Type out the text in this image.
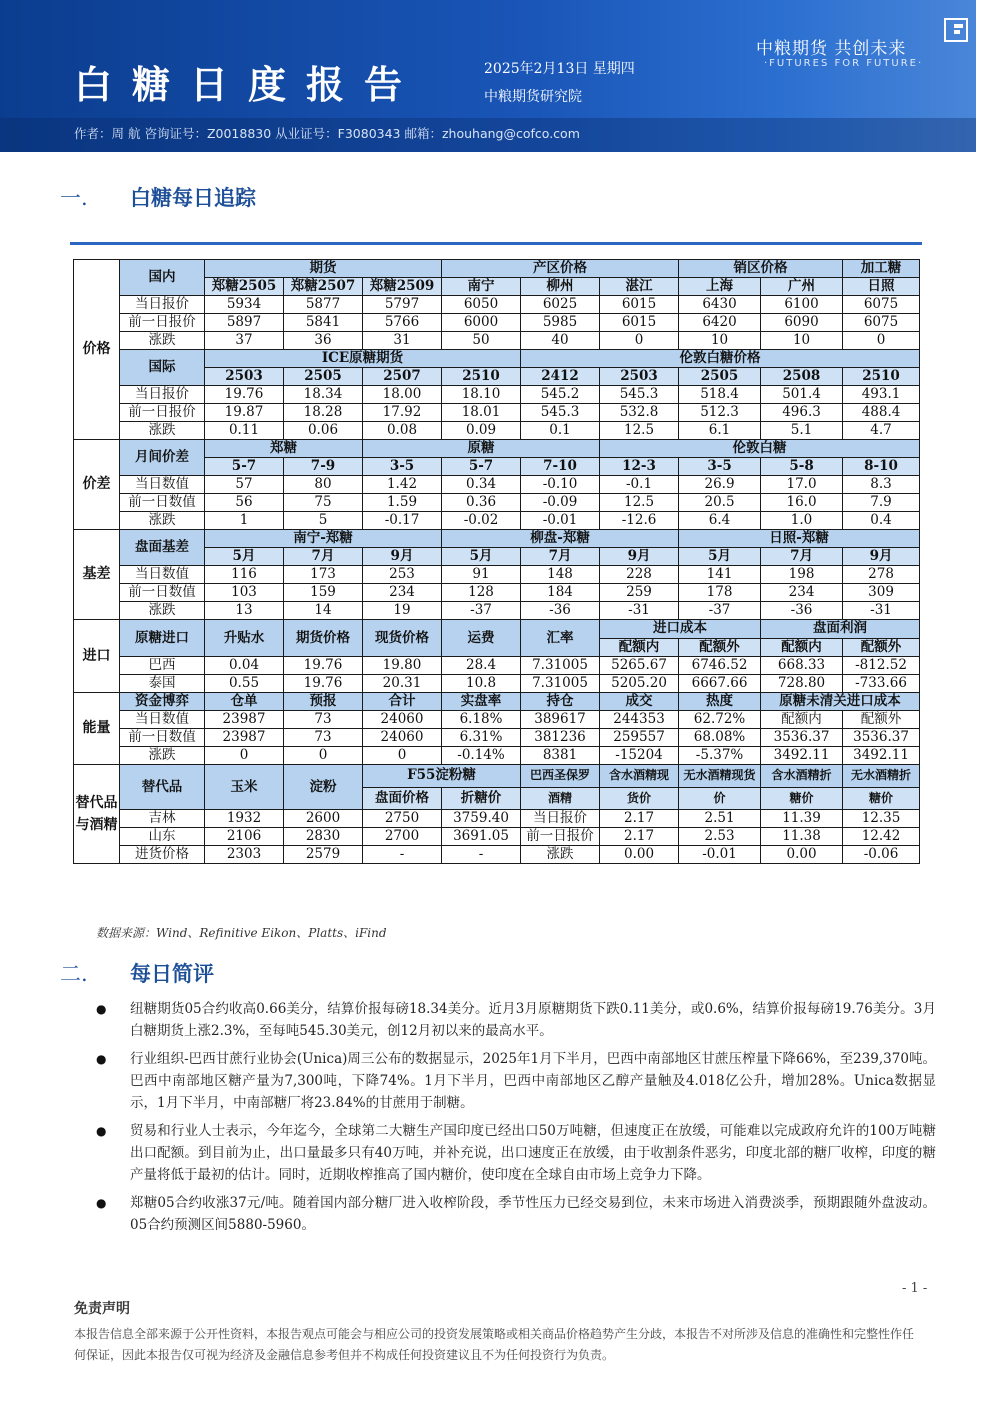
白糖日度报告	2025年2月13日 星期四
中粮期货研究院
中粮期货 共创未来
·FUTURES FOR FUTURE·
作者：周 航 咨询证号：Z0018830 从业证号：F3080343 邮箱：zhouhang@cofco.com
一. 白糖每日追踪
价格	国内	期货			产区价格			销区价格		加工糖
		郑糖2505	郑糖2507	郑糖2509	南宁	柳州	湛江	上海	广州	日照
	当日报价	5934	5877	5797	6050	6025	6015	6430	6100	6075
	前一日报价	5897	5841	5766	6000	5985	6015	6420	6090	6075
	涨跌	37	36	31	50	40	0	10	10	0
	国际	ICE原糖期货				伦敦白糖价格				
		2503	2505	2507	2510	2412	2503	2505	2508	2510
	当日报价	19.76	18.34	18.00	18.10	545.2	545.3	518.4	501.4	493.1
	前一日报价	19.87	18.28	17.92	18.01	545.3	532.8	512.3	496.3	488.4
	涨跌	0.11	0.06	0.08	0.09	0.1	12.5	6.1	5.1	4.7
价差	月间价差	郑糖		原糖			伦敦白糖			
		5-7	7-9	3-5	5-7	7-10	12-3	3-5	5-8	8-10
	当日数值	57	80	1.42	0.34	-0.10	-0.1	26.9	17.0	8.3
	前一日数值	56	75	1.59	0.36	-0.09	12.5	20.5	16.0	7.9
	涨跌	1	5	-0.17	-0.02	-0.01	-12.6	6.4	1.0	0.4
基差	盘面基差	南宁-郑糖			柳盘-郑糖			日照-郑糖		
		5月	7月	9月	5月	7月	9月	5月	7月	9月
	当日数值	116	173	253	91	148	228	141	198	278
	前一日数值	103	159	234	128	184	259	178	234	309
	涨跌	13	14	19	-37	-36	-31	-37	-36	-31
进口	原糖进口	升贴水	期货价格	现货价格	运费	汇率	进口成本		盘面利润	
							配额内	配额外	配额内	配额外
	巴西	0.04	19.76	19.80	28.4	7.31005	5265.67	6746.52	668.33	-812.52
	泰国	0.55	19.76	20.31	10.8	7.31005	5205.20	6667.66	728.80	-733.66
能量	资金博弈	仓单	预报	合计	实盘率	持仓	成交	热度	原糖未清关进口成本	
	当日数值	23987	73	24060	6.18%	389617	244353	62.72%	配额内	配额外
	前一日数值	23987	73	24060	6.31%	381236	259557	68.08%	3536.37	3536.37
	涨跌	0	0	0	-0.14%	8381	-15204	-5.37%	3492.11	3492.11
替代品与酒精	替代品	玉米	淀粉	F55淀粉糖		巴西圣保罗	含水酒精现	无水酒精现货	含水酒精折	无水酒精折
				盘面价格	折糖价	酒精	货价	价	糖价	糖价
	吉林	1932	2600	2750	3759.40	当日报价	2.17	2.51	11.39	12.35
	山东	2106	2830	2700	3691.05	前一日报价	2.17	2.53	11.38	12.42
	进货价格	2303	2579	-	-	涨跌	0.00	-0.01	0.00	-0.06
数据来源：Wind、Refinitive Eikon、Platts、iFind
二. 每日简评
● 纽糖期货05合约收高0.66美分，结算价报每磅18.34美分。近月3月原糖期货下跌0.11美分，或0.6%，结算价报每磅19.76美分。3月白糖期货上涨2.3%，至每吨545.30美元，创12月初以来的最高水平。
● 行业组织-巴西甘蔗行业协会(Unica)周三公布的数据显示，2025年1月下半月，巴西中南部地区甘蔗压榨量下降66%，至239,370吨。巴西中南部地区糖产量为7,300吨，下降74%。1月下半月，巴西中南部地区乙醇产量触及4.018亿公升，增加28%。Unica数据显示，1月下半月，中南部糖厂将23.84%的甘蔗用于制糖。
● 贸易和行业人士表示，今年迄今，全球第二大糖生产国印度已经出口50万吨糖，但速度正在放缓，可能难以完成政府允许的100万吨糖出口配额。到目前为止，出口量最多只有40万吨，并补充说，出口速度正在放缓，由于收割条件恶劣，印度北部的糖厂收榨，印度的糖产量将低于最初的估计。同时，近期收榨推高了国内糖价，使印度在全球自由市场上竞争力下降。
● 郑糖05合约收涨37元/吨。随着国内部分糖厂进入收榨阶段，季节性压力已经交易到位，未来市场进入消费淡季，预期跟随外盘波动。05合约预测区间5880-5960。
- 1 -
免责声明
本报告信息全部来源于公开性资料，本报告观点可能会与相应公司的投资发展策略或相关商品价格趋势产生分歧，本报告不对所涉及信息的准确性和完整性作任何保证，因此本报告仅可视为经济及金融信息参考但并不构成任何投资建议且不为任何投资行为负责。
